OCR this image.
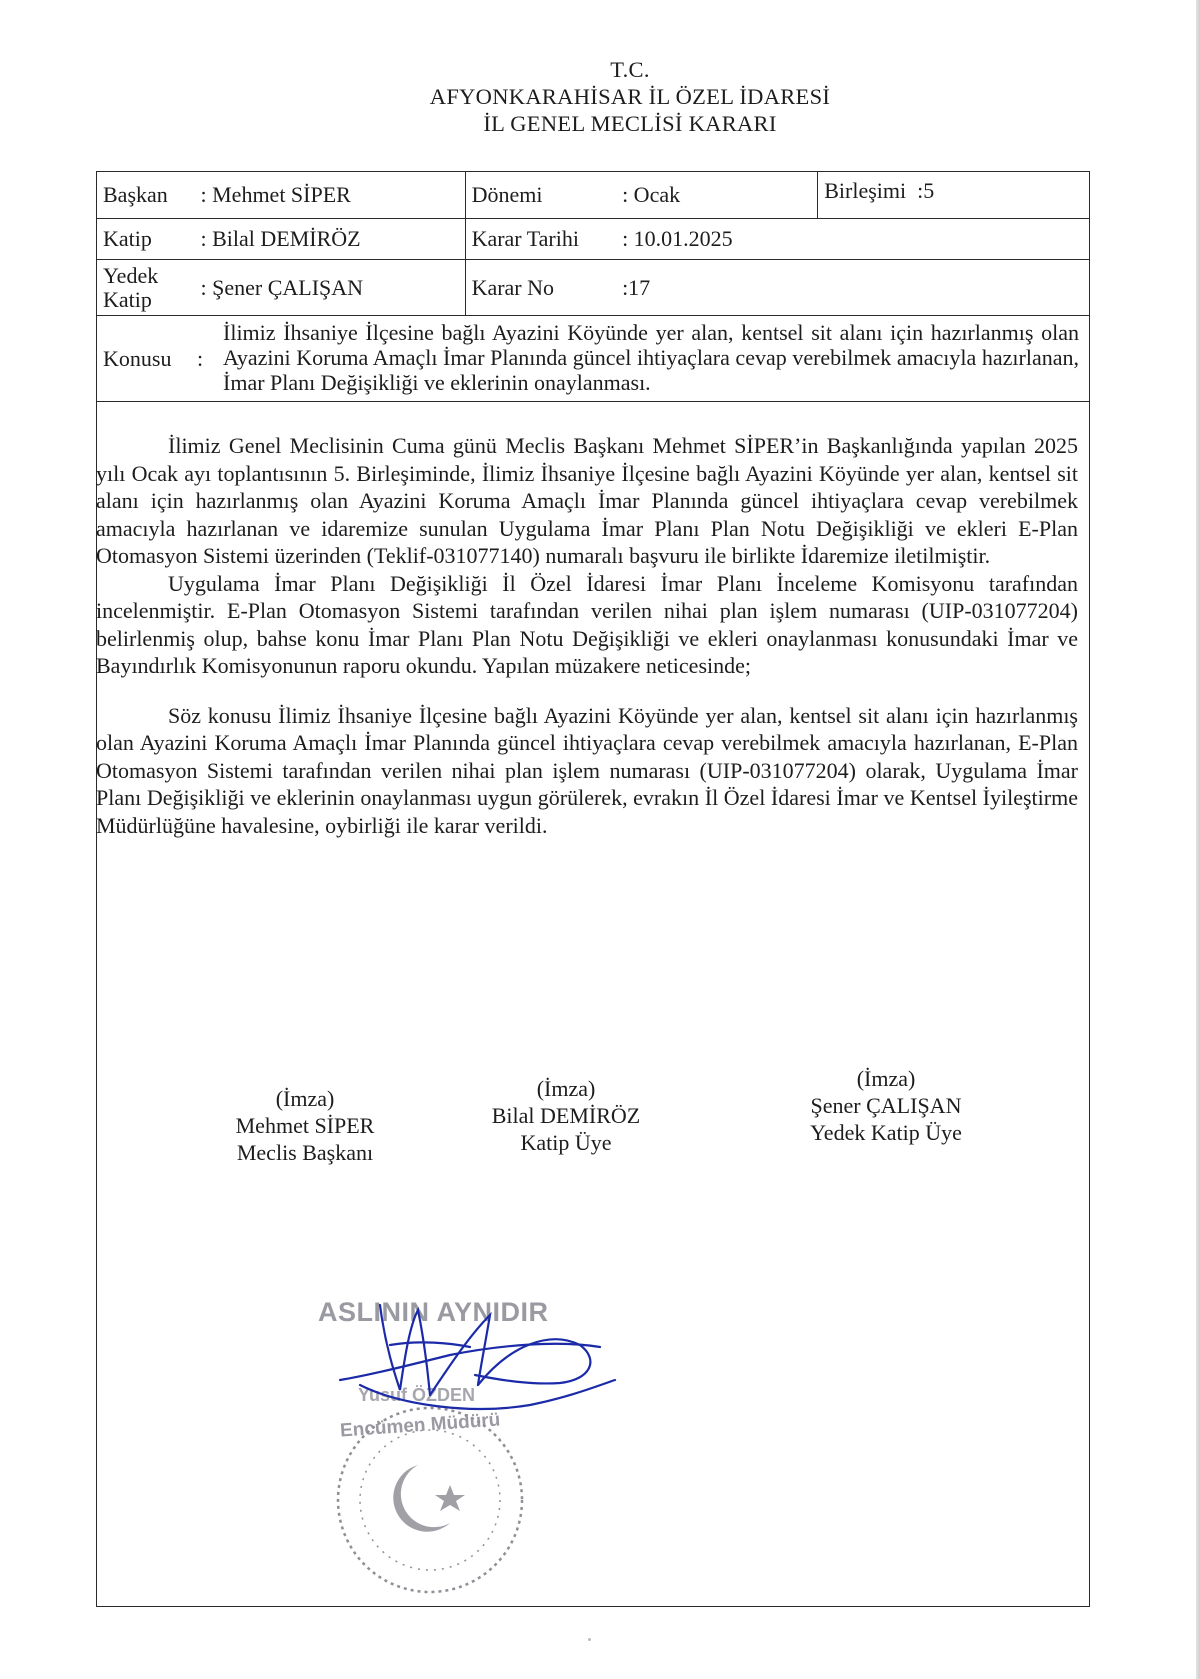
T.C.
AFYONKARAHİSAR İL ÖZEL İDARESİ
İL GENEL MECLİSİ KARARI
Başkan : Mehmet SİPER	Dönemi : Ocak	Birleşimi  :5
Katip : Bilal DEMİRÖZ	Karar Tarihi : 10.01.2025	
Yedek
Katip : Şener ÇALIŞAN	Karar No :17	

Konusu :
İlimiz İhsaniye İlçesine bağlı Ayazini Köyünde yer alan, kentsel sit alanı için hazırlanmış olan Ayazini Koruma Amaçlı İmar Planında güncel ihtiyaçlara cevap verebilmek amacıyla hazırlanan, İmar Planı Değişikliği ve eklerinin onaylanması.		

İlimiz Genel Meclisinin Cuma günü Meclis Başkanı Mehmet SİPER’in Başkanlığında yapılan 2025 yılı Ocak ayı toplantısının 5. Birleşiminde, İlimiz İhsaniye İlçesine bağlı Ayazini Köyünde yer alan, kentsel sit alanı için hazırlanmış olan Ayazini Koruma Amaçlı İmar Planında güncel ihtiyaçlara cevap verebilmek amacıyla hazırlanan ve idaremize sunulan Uygulama İmar Planı Plan Notu Değişikliği ve ekleri E-Plan Otomasyon Sistemi üzerinden (Teklif-031077140) numaralı başvuru ile birlikte İdaremize iletilmiştir.

Uygulama İmar Planı Değişikliği İl Özel İdaresi İmar Planı İnceleme Komisyonu tarafından incelenmiştir. E-Plan Otomasyon Sistemi tarafından verilen nihai plan işlem numarası (UIP-031077204) belirlenmiş olup, bahse konu İmar Planı Plan Notu Değişikliği ve ekleri onaylanması konusundaki İmar ve Bayındırlık Komisyonunun raporu okundu. Yapılan müzakere neticesinde;

Söz konusu İlimiz İhsaniye İlçesine bağlı Ayazini Köyünde yer alan, kentsel sit alanı için hazırlanmış olan Ayazini Koruma Amaçlı İmar Planında güncel ihtiyaçlara cevap verebilmek amacıyla hazırlanan, E-Plan Otomasyon Sistemi tarafından verilen nihai plan işlem numarası (UIP-031077204) olarak, Uygulama İmar Planı Değişikliği ve eklerinin onaylanması uygun görülerek, evrakın İl Özel İdaresi İmar ve Kentsel İyileştirme Müdürlüğüne havalesine, oybirliği ile karar verildi.

(İmza)
Mehmet SİPER
Meclis Başkanı
(İmza)
Bilal DEMİRÖZ
Katip Üye
(İmza)
Şener ÇALIŞAN
Yedek Katip Üye
ASLININ AYNIDIR
Yusuf ÖZDEN
Encümen Müdürü
